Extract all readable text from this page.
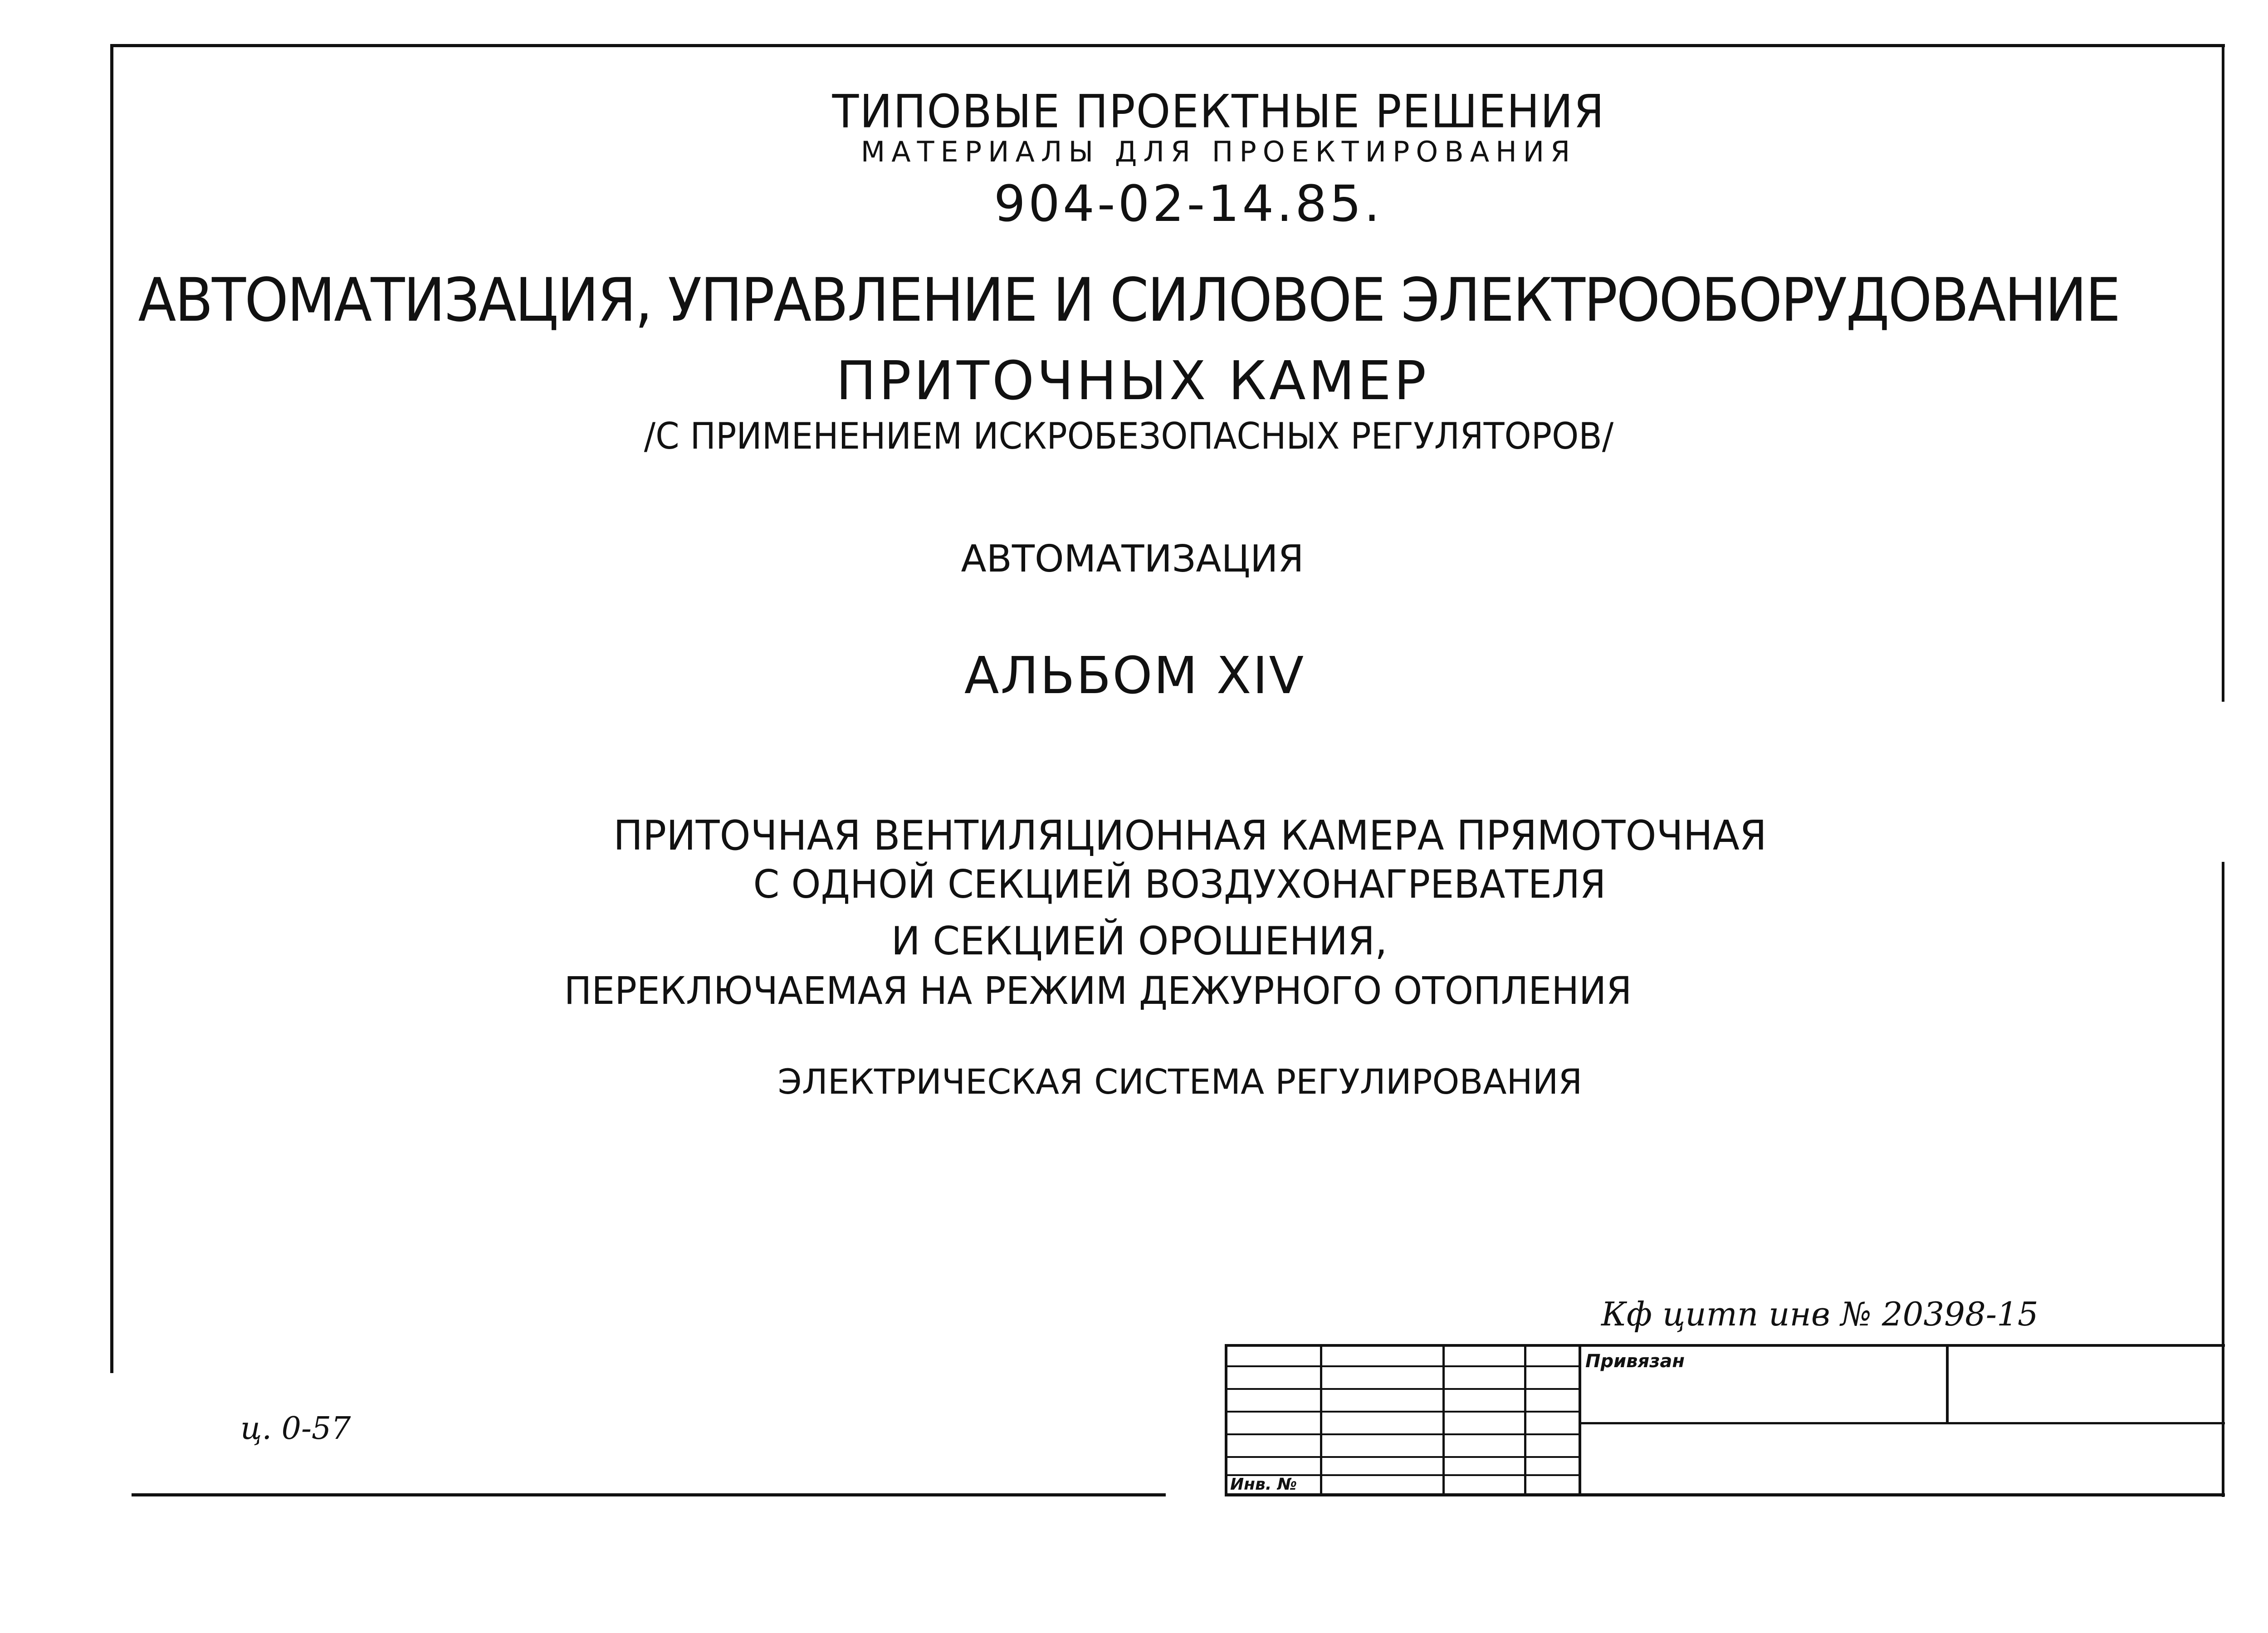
ТИПОВЫЕ ПРОЕКТНЫЕ РЕШЕНИЯ
МАТЕРИАЛЫ ДЛЯ ПРОЕКТИРОВАНИЯ
904-02-14.85.
АВТОМАТИЗАЦИЯ, УПРАВЛЕНИЕ И СИЛОВОЕ ЭЛЕКТРООБОРУДОВАНИЕ
ПРИТОЧНЫХ КАМЕР
/С ПРИМЕНЕНИЕМ ИСКРОБЕЗОПАСНЫХ РЕГУЛЯТОРОВ/
АВТОМАТИЗАЦИЯ
АЛЬБОМ XIV
ПРИТОЧНАЯ ВЕНТИЛЯЦИОННАЯ КАМЕРА ПРЯМОТОЧНАЯ
С ОДНОЙ СЕКЦИЕЙ ВОЗДУХОНАГРЕВАТЕЛЯ
И СЕКЦИЕЙ ОРОШЕНИЯ,
ПЕРЕКЛЮЧАЕМАЯ НА РЕЖИМ ДЕЖУРНОГО ОТОПЛЕНИЯ
ЭЛЕКТРИЧЕСКАЯ СИСТЕМА РЕГУЛИРОВАНИЯ
Кф цитп инв № 20398-15
ц. 0-57
Привязан
Инв. №
